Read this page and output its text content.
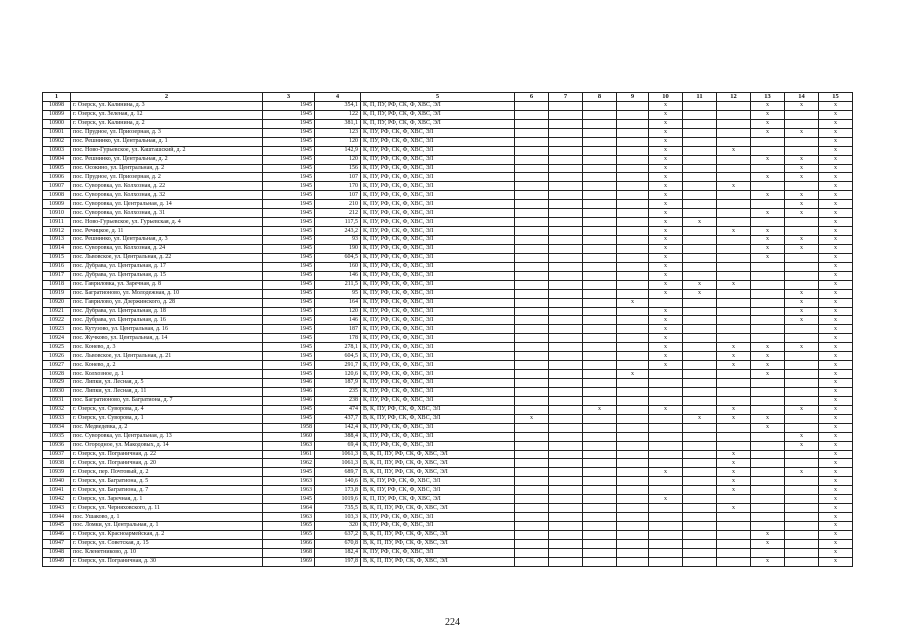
1	2	3	4	5	6	7	8	9	10	11	12	13	14	15
10898	г. Озерск, ул. Калинина, д. 3	1945	354,1	К, П, ПУ, РФ, СК, Ф, ХВС, ЭЛ					х			х	х	х
10899	г. Озерск, ул. Зеленая, д. 12	1945	122	К, П, ПУ, РФ, СК, Ф, ХВС, ЭЛ					х			х		х
10900	г. Озерск, ул. Калинина, д. 2	1945	381,1	К, П, ПУ, РФ, СК, Ф, ХВС, ЭЛ					х			х		х
10901	пос. Прудное, ул. Приозерная, д. 3	1945	123	К, ПУ, РФ, СК, Ф, ХВС, ЭЛ					х			х	х	х
10902	пос. Решнинко, ул. Центральная, д. 1	1945	120	К, ПУ, РФ, СК, Ф, ХВС, ЭЛ					х					х
10903	пос. Ново-Гурьевское, ул. Кашташский, д. 2	1945	142,9	К, ПУ, РФ, СК, Ф, ХВС, ЭЛ					х		х			х
10904	пос. Решнинко, ул. Центральная, д. 2	1945	120	К, ПУ, РФ, СК, Ф, ХВС, ЭЛ					х			х	х	х
10905	пос. Осокино, ул. Центральная, д. 2	1945	156	К, ПУ, РФ, СК, Ф, ХВС, ЭЛ					х				х	х
10906	пос. Прудное, ул. Приозерная, д. 2	1945	107	К, ПУ, РФ, СК, Ф, ХВС, ЭЛ					х			х	х	х
10907	пос. Суворовка, ул. Колхозная, д. 22	1945	170	К, ПУ, РФ, СК, Ф, ХВС, ЭЛ					х		х			х
10908	пос. Суворовка, ул. Колхозная, д. 32	1945	107	К, ПУ, РФ, СК, Ф, ХВС, ЭЛ					х			х	х	х
10909	пос. Суворовка, ул. Центральная, д. 14	1945	210	К, ПУ, РФ, СК, Ф, ХВС, ЭЛ					х				х	х
10910	пос. Суворовка, ул. Колхозная, д. 31	1945	212	К, ПУ, РФ, СК, Ф, ХВС, ЭЛ					х			х	х	х
10911	пос. Ново-Гурьевское, ул. Гурьевская, д. 4	1945	117,5	К, ПУ, РФ, СК, Ф, ХВС, ЭЛ					х	х				х
10912	пос. Речицкое, д. 11	1945	243,2	К, ПУ, РФ, СК, Ф, ХВС, ЭЛ					х		х	х		х
10913	пос. Решнинко, ул. Центральная, д. 3	1945	93	К, ПУ, РФ, СК, Ф, ХВС, ЭЛ					х			х	х	х
10914	пос. Суворовка, ул. Колхозная, д. 24	1945	190	К, ПУ, РФ, СК, Ф, ХВС, ЭЛ					х			х	х	х
10915	пос. Львовское, ул. Центральная, д. 22	1945	604,5	К, ПУ, РФ, СК, Ф, ХВС, ЭЛ					х			х		х
10916	пос. Дубрава, ул. Центральная, д. 17	1945	160	К, ПУ, РФ, СК, Ф, ХВС, ЭЛ					х					х
10917	пос. Дубрава, ул. Центральная, д. 15	1945	146	К, ПУ, РФ, СК, Ф, ХВС, ЭЛ					х					х
10918	пос. Гавриловка, ул. Заречная, д. 8	1945	211,5	К, ПУ, РФ, СК, Ф, ХВС, ЭЛ					х	х	х			х
10919	пос. Багратионово, ул. Молодежная, д. 10	1945	95	К, ПУ, РФ, СК, Ф, ХВС, ЭЛ					х	х			х	х
10920	пос. Гаврилово, ул. Дзержинского, д. 28	1945	164	К, ПУ, РФ, СК, Ф, ХВС, ЭЛ				х					х	х
10921	пос. Дубрава, ул. Центральная, д. 18	1945	120	К, ПУ, РФ, СК, Ф, ХВС, ЭЛ					х				х	х
10922	пос. Дубрава, ул. Центральная, д. 16	1945	146	К, ПУ, РФ, СК, Ф, ХВС, ЭЛ					х				х	х
10923	пос. Кутузово, ул. Центральная, д. 16	1945	187	К, ПУ, РФ, СК, Ф, ХВС, ЭЛ					х					х
10924	пос. Жучково, ул. Центральная, д. 14	1945	178	К, ПУ, РФ, СК, Ф, ХВС, ЭЛ					х					х
10925	пос. Конево, д. 3	1945	278,1	К, ПУ, РФ, СК, Ф, ХВС, ЭЛ					х		х	х	х	х
10926	пос. Львовское, ул. Центральная, д. 21	1945	604,5	К, ПУ, РФ, СК, Ф, ХВС, ЭЛ					х		х	х		х
10927	пос. Конево, д. 2	1945	291,7	К, ПУ, РФ, СК, Ф, ХВС, ЭЛ					х		х	х		х
10928	пос. Колхозное, д. 1	1945	120,6	К, ПУ, РФ, СК, Ф, ХВС, ЭЛ				х				х		х
10929	пос. Липки, ул. Лесная, д. 5	1946	187,9	К, ПУ, РФ, СК, Ф, ХВС, ЭЛ										х
10930	пос. Липки, ул. Лесная, д. 11	1946	235	К, ПУ, РФ, СК, Ф, ХВС, ЭЛ										х
10931	пос. Багратионово, ул. Багратиона, д. 7	1946	238	К, ПУ, РФ, СК, Ф, ХВС, ЭЛ										х
10932	г. Озерск, ул. Суворова, д. 4	1945	474	В, К, ПУ, РФ, СК, Ф, ХВС, ЭЛ			х		х		х		х	х
10933	г. Озерск, ул. Суворова, д. 1	1945	437,7	В, К, ПУ, РФ, СК, Ф, ХВС, ЭЛ	х					х	х	х		х
10934	пос. Медведевка, д. 2	1958	142,4	К, ПУ, РФ, СК, Ф, ХВС, ЭЛ								х		х
10935	пос. Суворовка, ул. Центральная, д. 13	1960	388,4	К, ПУ, РФ, СК, Ф, ХВС, ЭЛ									х	х
10936	пос. Огородное, ул. Макодовых, д. 14	1963	69,4	К, ПУ, РФ, СК, Ф, ХВС, ЭЛ									х	х
10937	г. Озерск, ул. Пограничная, д. 22	1961	1061,3	В, К, П, ПУ, РФ, СК, Ф, ХВС, ЭЛ							х			х
10938	г. Озерск, ул. Пограничная, д. 20	1962	1061,3	В, К, П, ПУ, РФ, СК, Ф, ХВС, ЭЛ							х			х
10939	г. Озерск, пер. Почтовый, д. 2	1945	689,7	В, К, П, ПУ, РФ, СК, Ф, ХВС, ЭЛ					х		х		х	х
10940	г. Озерск, ул. Багратиона, д. 5	1963	140,6	В, К, ПУ, РФ, СК, Ф, ХВС, ЭЛ							х			х
10941	г. Озерск, ул. Багратиона, д. 7	1963	173,8	В, К, ПУ, РФ, СК, Ф, ХВС, ЭЛ							х			х
10942	г. Озерск, ул. Заречная, д. 1	1945	1019,6	К, П, ПУ, РФ, СК, Ф, ХВС, ЭЛ					х					х
10943	г. Озерск, ул. Черняховского, д. 11	1964	735,5	В, К, П, ПУ, РФ, СК, Ф, ХВС, ЭЛ							х			х
10944	пос. Ушаково, д. 1	1963	103,3	К, ПУ, РФ, СК, Ф, ХВС, ЭЛ										х
10945	пос. Ломки, ул. Центральная, д. 1	1965	320	К, ПУ, РФ, СК, Ф, ХВС, ЭЛ										х
10946	г. Озерск, ул. Красноармейская, д. 2	1965	637,2	В, К, П, ПУ, РФ, СК, Ф, ХВС, ЭЛ								х		х
10947	г. Озерск, ул. Советская, д. 15	1966	670,8	В, К, П, ПУ, РФ, СК, Ф, ХВС, ЭЛ								х		х
10948	пос. Кленетниково, д. 10	1968	182,4	К, ПУ, РФ, СК, Ф, ХВС, ЭЛ										х
10949	г. Озерск, ул. Пограничная, д. 30	1969	197,8	В, К, П, ПУ, РФ, СК, Ф, ХВС, ЭЛ								х		х
224
